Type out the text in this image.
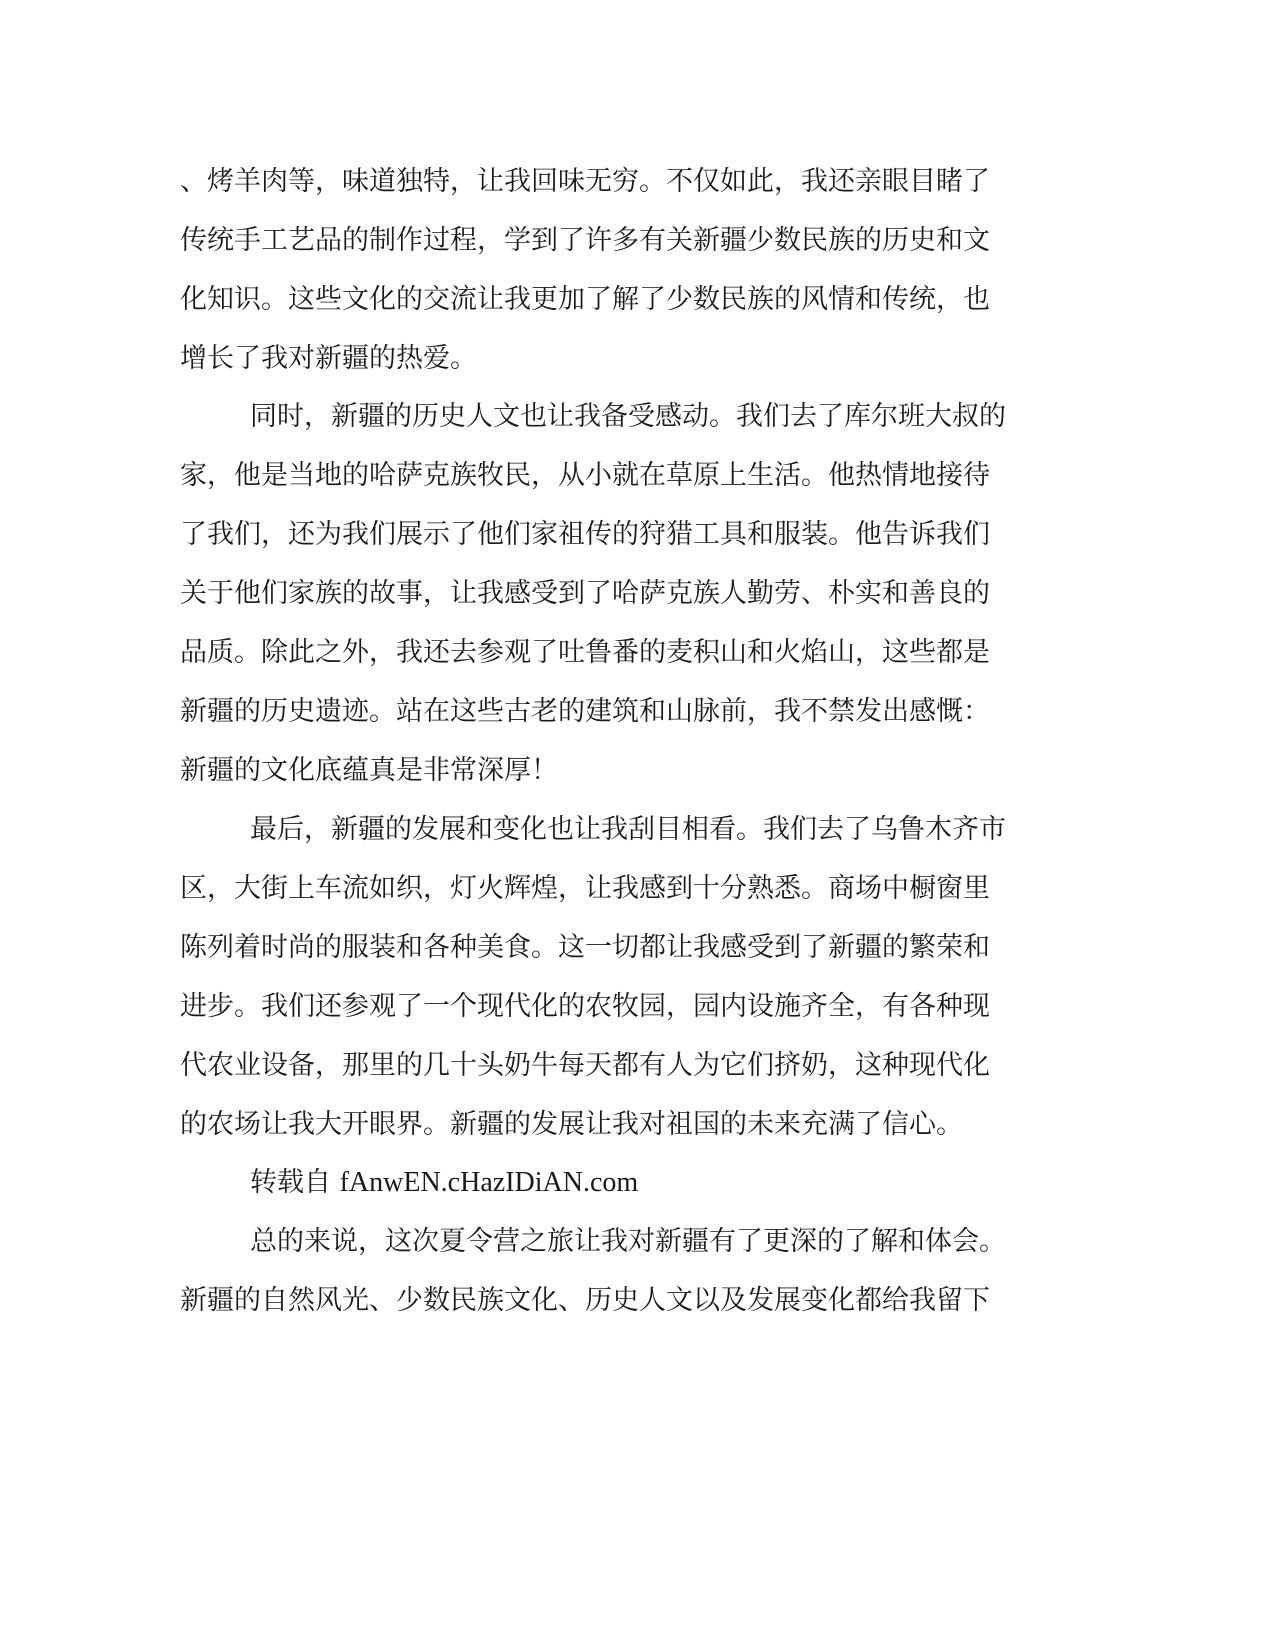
、烤羊肉等，味道独特，让我回味无穷。不仅如此，我还亲眼目睹了
传统手工艺品的制作过程，学到了许多有关新疆少数民族的历史和文
化知识。这些文化的交流让我更加了解了少数民族的风情和传统，也
增长了我对新疆的热爱。
同时，新疆的历史人文也让我备受感动。我们去了库尔班大叔的
家，他是当地的哈萨克族牧民，从小就在草原上生活。他热情地接待
了我们，还为我们展示了他们家祖传的狩猎工具和服装。他告诉我们
关于他们家族的故事，让我感受到了哈萨克族人勤劳、朴实和善良的
品质。除此之外，我还去参观了吐鲁番的麦积山和火焰山，这些都是
新疆的历史遗迹。站在这些古老的建筑和山脉前，我不禁发出感慨：
新疆的文化底蕴真是非常深厚！
最后，新疆的发展和变化也让我刮目相看。我们去了乌鲁木齐市
区，大街上车流如织，灯火辉煌，让我感到十分熟悉。商场中橱窗里
陈列着时尚的服装和各种美食。这一切都让我感受到了新疆的繁荣和
进步。我们还参观了一个现代化的农牧园，园内设施齐全，有各种现
代农业设备，那里的几十头奶牛每天都有人为它们挤奶，这种现代化
的农场让我大开眼界。新疆的发展让我对祖国的未来充满了信心。
转载自 fAnwEN.cHazIDiAN.com
总的来说，这次夏令营之旅让我对新疆有了更深的了解和体会。
新疆的自然风光、少数民族文化、历史人文以及发展变化都给我留下
